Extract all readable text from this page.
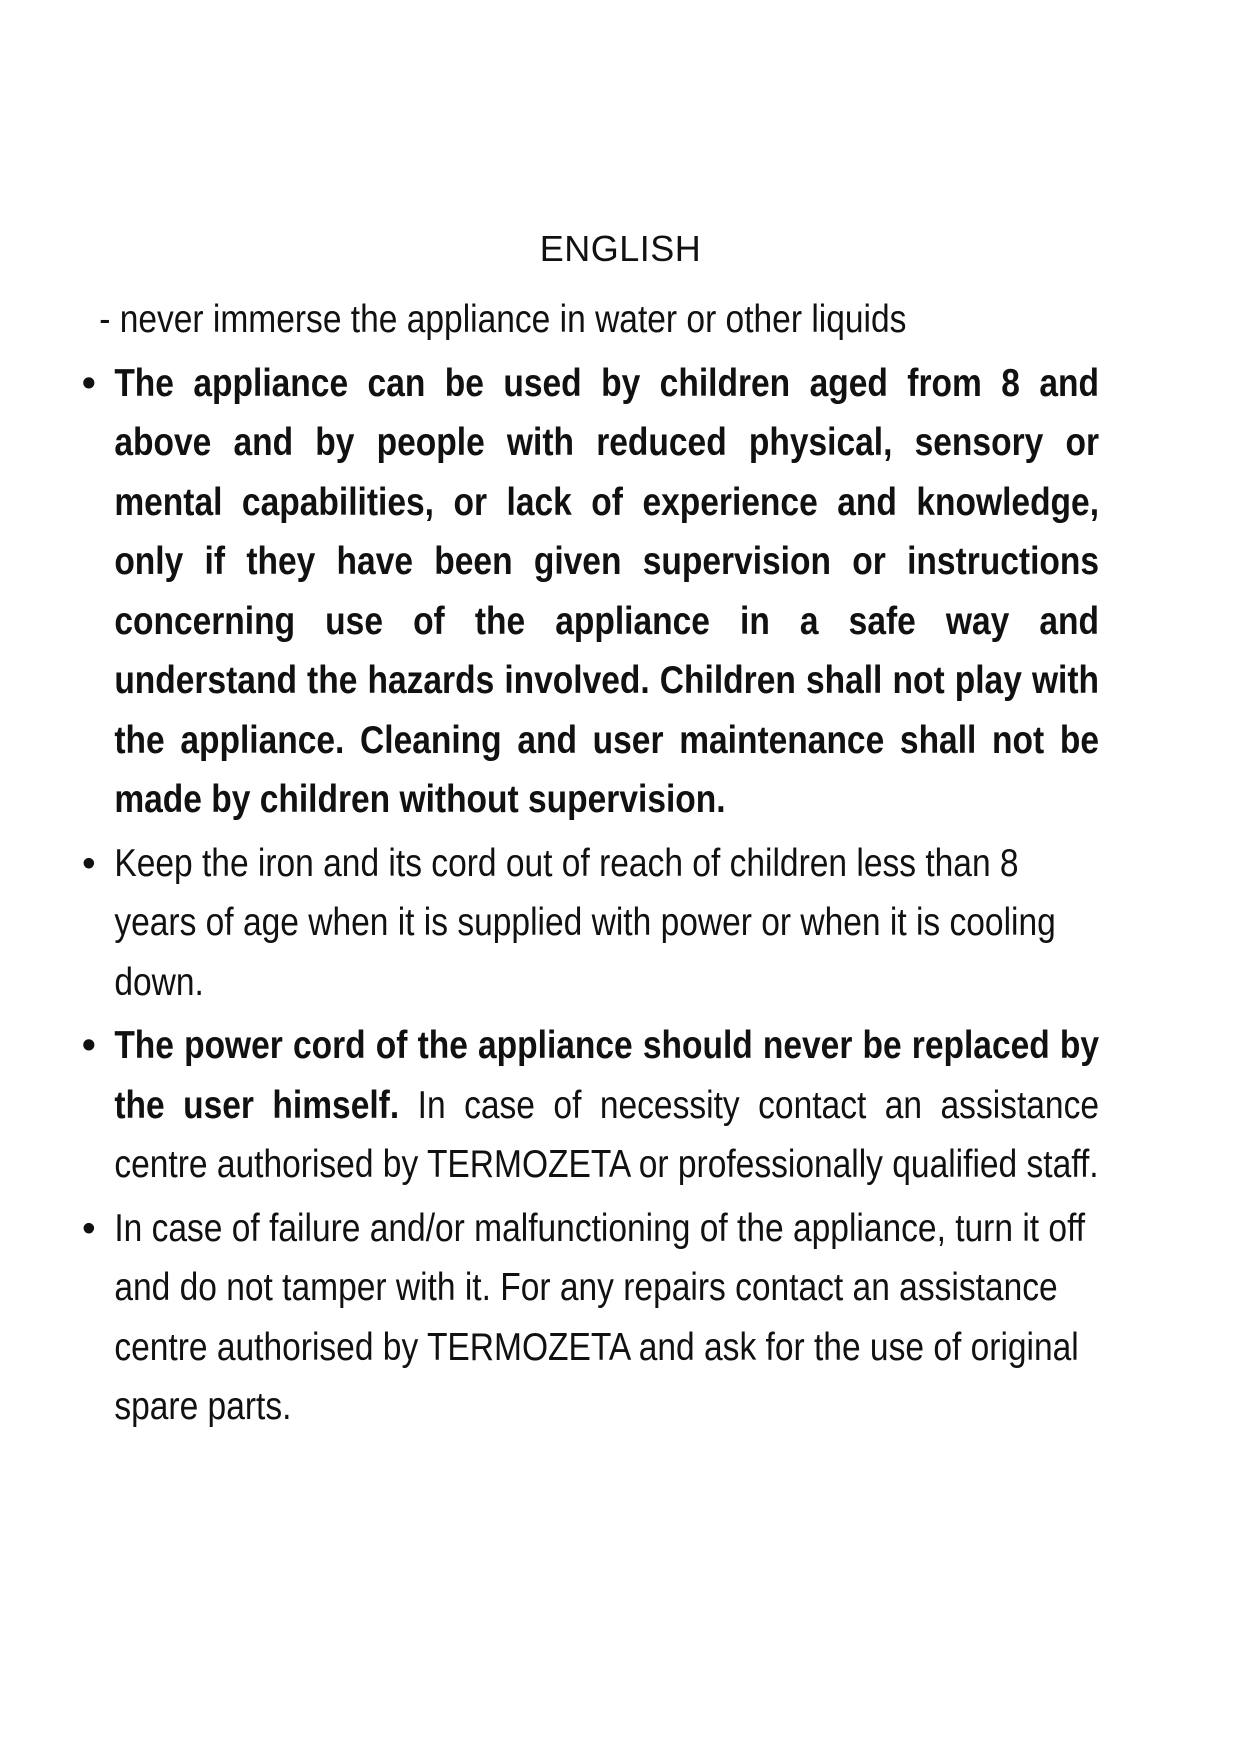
ENGLISH

- never immerse the appliance in water or other liquids

• The appliance can be used by children aged from 8 and above and by people with reduced physical, sensory or mental capabilities, or lack of experience and knowledge, only if they have been given supervision or instructions concerning use of the appliance in a safe way and understand the hazards involved. Children shall not play with the appliance. Cleaning and user maintenance shall not be made by children without supervision.
• Keep the iron and its cord out of reach of children less than 8 years of age when it is supplied with power or when it is cooling down.
• The power cord of the appliance should never be replaced by the user himself. In case of necessity contact an assistance centre authorised by TERMOZETA or professionally qualified staff.
• In case of failure and/or malfunctioning of the appliance, turn it off and do not tamper with it. For any repairs contact an assistance centre authorised by TERMOZETA and ask for the use of original spare parts.
